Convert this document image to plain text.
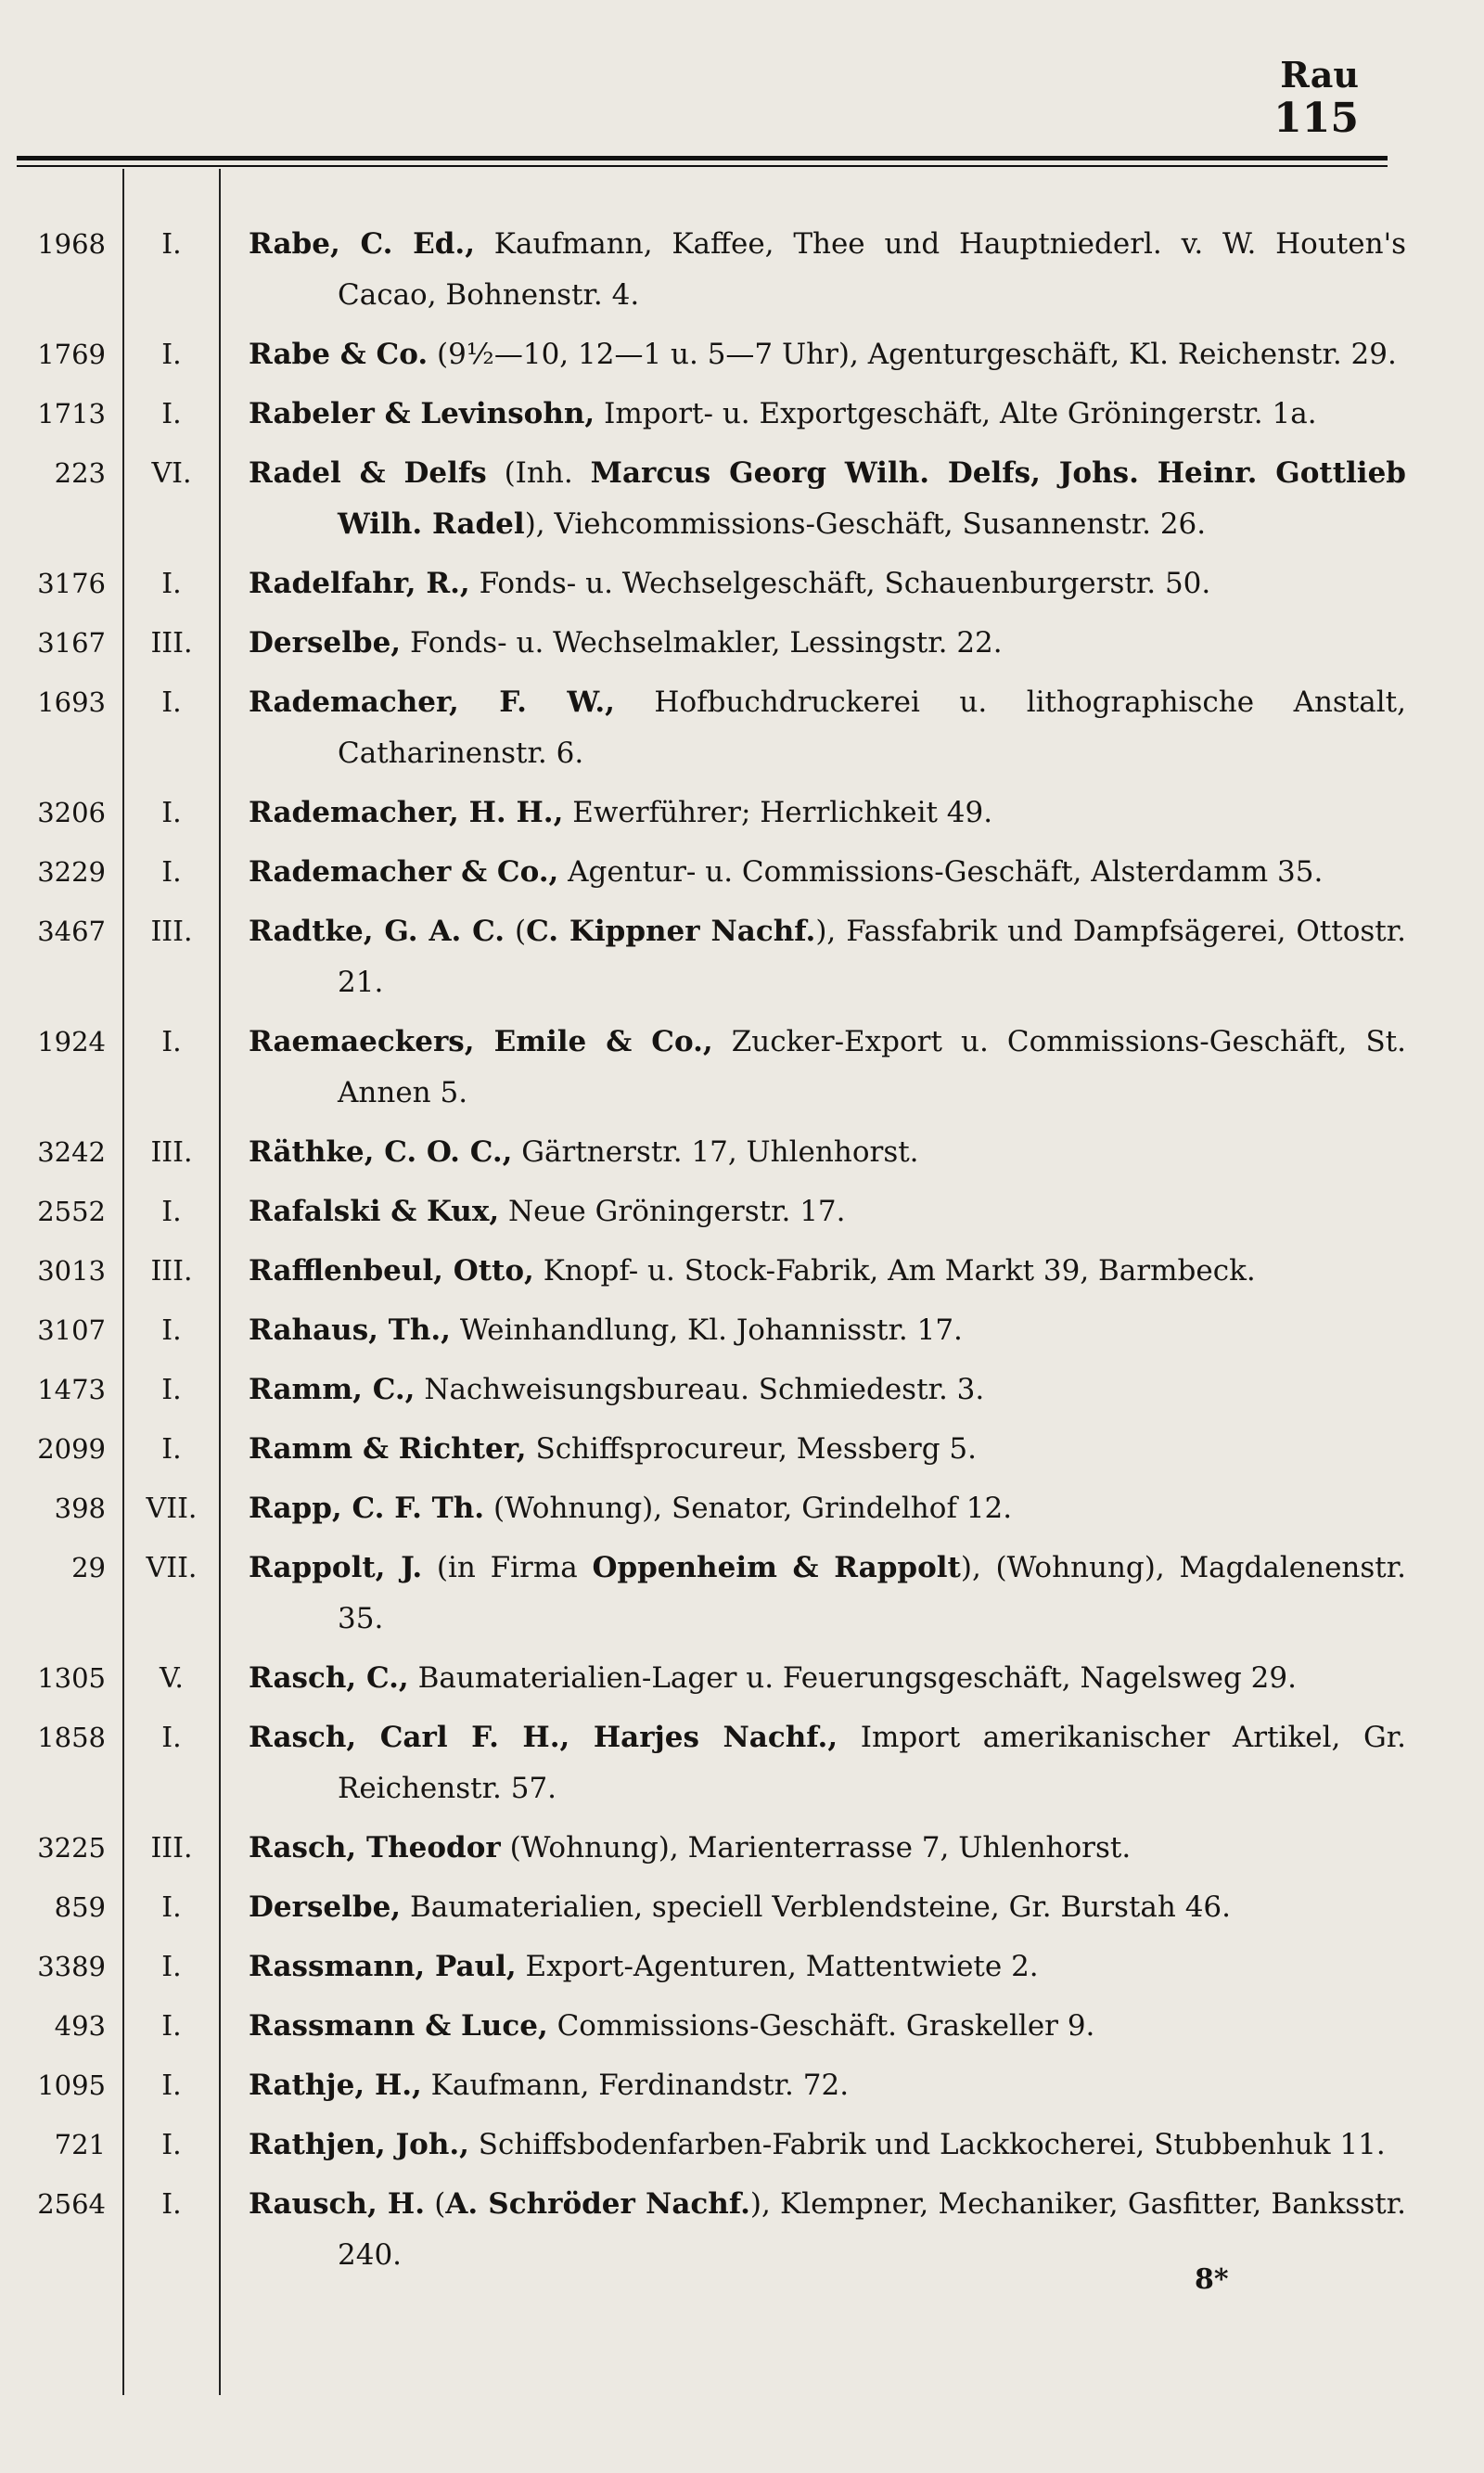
Rau
115
1968	I.	Rabe, C. Ed., Kaufmann, Kaffee, Thee und Hauptniederl. v. W. Houten's Cacao, Bohnenstr. 4.
1769	I.	Rabe & Co. (9½—10, 12—1 u. 5—7 Uhr), Agenturgeschäft, Kl. Reichenstr. 29.
1713	I.	Rabeler & Levinsohn, Import- u. Exportgeschäft, Alte Gröningerstr. 1a.
223	VI.	Radel & Delfs (Inh. Marcus Georg Wilh. Delfs, Johs. Heinr. Gottlieb Wilh. Radel), Viehcommissions-Geschäft, Susannenstr. 26.
3176	I.	Radelfahr, R., Fonds- u. Wechselgeschäft, Schauenburgerstr. 50.
3167	III.	Derselbe, Fonds- u. Wechselmakler, Lessingstr. 22.
1693	I.	Rademacher, F. W., Hofbuchdruckerei u. lithographische Anstalt, Catharinenstr. 6.
3206	I.	Rademacher, H. H., Ewerführer; Herrlichkeit 49.
3229	I.	Rademacher & Co., Agentur- u. Commissions-Geschäft, Alsterdamm 35.
3467	III.	Radtke, G. A. C. (C. Kippner Nachf.), Fassfabrik und Dampfsägerei, Ottostr. 21.
1924	I.	Raemaeckers, Emile & Co., Zucker-Export u. Commissions-Geschäft, St. Annen 5.
3242	III.	Räthke, C. O. C., Gärtnerstr. 17, Uhlenhorst.
2552	I.	Rafalski & Kux, Neue Gröningerstr. 17.
3013	III.	Rafflenbeul, Otto, Knopf- u. Stock-Fabrik, Am Markt 39, Barmbeck.
3107	I.	Rahaus, Th., Weinhandlung, Kl. Johannisstr. 17.
1473	I.	Ramm, C., Nachweisungsbureau. Schmiedestr. 3.
2099	I.	Ramm & Richter, Schiffsprocureur, Messberg 5.
398	VII.	Rapp, C. F. Th. (Wohnung), Senator, Grindelhof 12.
29	VII.	Rappolt, J. (in Firma Oppenheim & Rappolt), (Wohnung), Magdalenenstr. 35.
1305	V.	Rasch, C., Baumaterialien-Lager u. Feuerungsgeschäft, Nagelsweg 29.
1858	I.	Rasch, Carl F. H., Harjes Nachf., Import amerikanischer Artikel, Gr. Reichenstr. 57.
3225	III.	Rasch, Theodor (Wohnung), Marienterrasse 7, Uhlenhorst.
859	I.	Derselbe, Baumaterialien, speciell Verblendsteine, Gr. Burstah 46.
3389	I.	Rassmann, Paul, Export-Agenturen, Mattentwiete 2.
493	I.	Rassmann & Luce, Commissions-Geschäft. Graskeller 9.
1095	I.	Rathje, H., Kaufmann, Ferdinandstr. 72.
721	I.	Rathjen, Joh., Schiffsbodenfarben-Fabrik und Lackkocherei, Stubbenhuk 11.
2564	I.	Rausch, H. (A. Schröder Nachf.), Klempner, Mechaniker, Gasfitter, Banksstr. 240.
8*
